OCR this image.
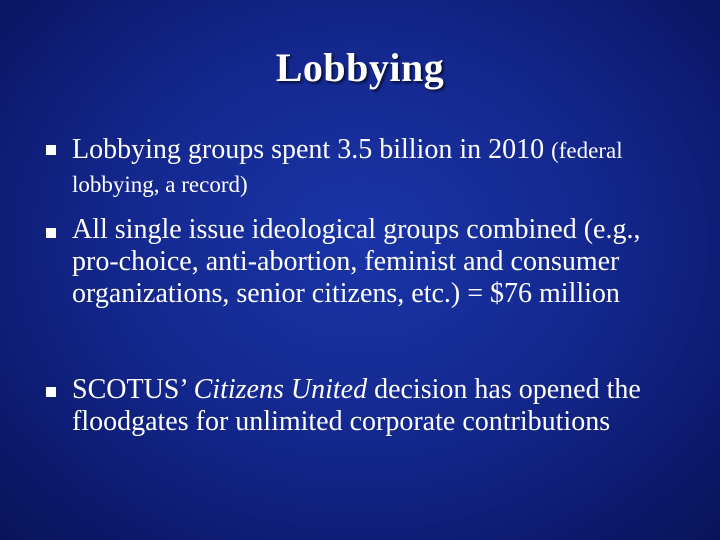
Lobbying
Lobbying groups spent 3.5 billion in 2010 (federal
lobbying, a record)
All single issue ideological groups combined (e.g., pro-choice, anti-abortion, feminist and consumer organizations, senior citizens, etc.) = $76 million
SCOTUS’ Citizens United decision has opened the floodgates for unlimited corporate contributions
